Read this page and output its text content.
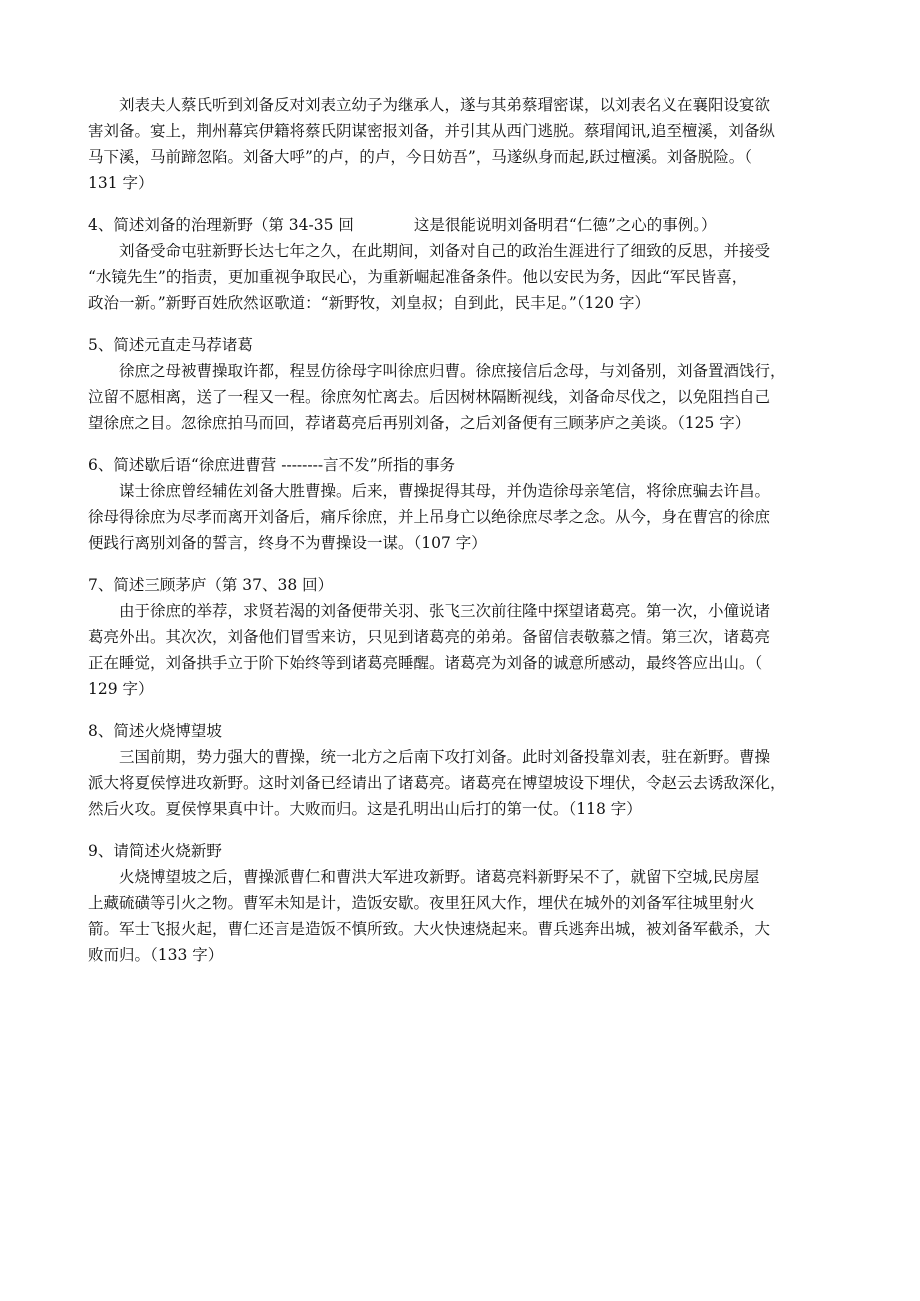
刘表夫人蔡氏听到刘备反对刘表立幼子为继承人，遂与其弟蔡瑁密谋，以刘表名义在襄阳设宴欲
害刘备。宴上，荆州幕宾伊籍将蔡氏阴谋密报刘备，并引其从西门逃脱。蔡瑁闻讯,追至檀溪，刘备纵
马下溪，马前蹄忽陷。刘备大呼”的卢，的卢，今日妨吾”，马遂纵身而起,跃过檀溪。刘备脱险。（
131 字）
4、简述刘备的治理新野（第 34-35 回	这是很能说明刘备明君“仁德”之心的事例。）
刘备受命屯驻新野长达七年之久，在此期间，刘备对自己的政治生涯进行了细致的反思，并接受
“水镜先生”的指责，更加重视争取民心，为重新崛起准备条件。他以安民为务，因此“军民皆喜，
政治一新。”新野百姓欣然讴歌道：“新野牧，刘皇叔；自到此，民丰足。”（120 字）
5、简述元直走马荐诸葛
徐庶之母被曹操取许都，程昱仿徐母字叫徐庶归曹。徐庶接信后念母，与刘备别，刘备置酒饯行，
泣留不愿相离，送了一程又一程。徐庶匆忙离去。后因树林隔断视线，刘备命尽伐之，以免阻挡自己
望徐庶之目。忽徐庶拍马而回，荐诸葛亮后再别刘备，之后刘备便有三顾茅庐之美谈。（125 字）
6、简述歇后语“徐庶进曹营 --------言不发”所指的事务
谋士徐庶曾经辅佐刘备大胜曹操。后来，曹操捉得其母，并伪造徐母亲笔信，将徐庶骗去许昌。
徐母得徐庶为尽孝而离开刘备后，痛斥徐庶，并上吊身亡以绝徐庶尽孝之念。从今，身在曹宫的徐庶
便践行离别刘备的誓言，终身不为曹操设一谋。（107 字）
7、简述三顾茅庐（第 37、38 回）
由于徐庶的举荐，求贤若渴的刘备便带关羽、张飞三次前往隆中探望诸葛亮。第一次，小僮说诸
葛亮外出。其次次，刘备他们冒雪来访，只见到诸葛亮的弟弟。备留信表敬慕之情。第三次，诸葛亮
正在睡觉，刘备拱手立于阶下始终等到诸葛亮睡醒。诸葛亮为刘备的诚意所感动，最终答应出山。（
129 字）
8、简述火烧博望坡
三国前期，势力强大的曹操，统一北方之后南下攻打刘备。此时刘备投靠刘表，驻在新野。曹操
派大将夏侯惇进攻新野。这时刘备已经请出了诸葛亮。诸葛亮在博望坡设下埋伏，令赵云去诱敌深化，
然后火攻。夏侯惇果真中计。大败而归。这是孔明出山后打的第一仗。（118 字）
9、请简述火烧新野
火烧博望坡之后，曹操派曹仁和曹洪大军进攻新野。诸葛亮料新野呆不了，就留下空城,民房屋
上藏硫磺等引火之物。曹军未知是计，造饭安歇。夜里狂风大作，埋伏在城外的刘备军往城里射火
箭。军士飞报火起，曹仁还言是造饭不慎所致。大火快速烧起来。曹兵逃奔出城，被刘备军截杀，大
败而归。（133 字）
